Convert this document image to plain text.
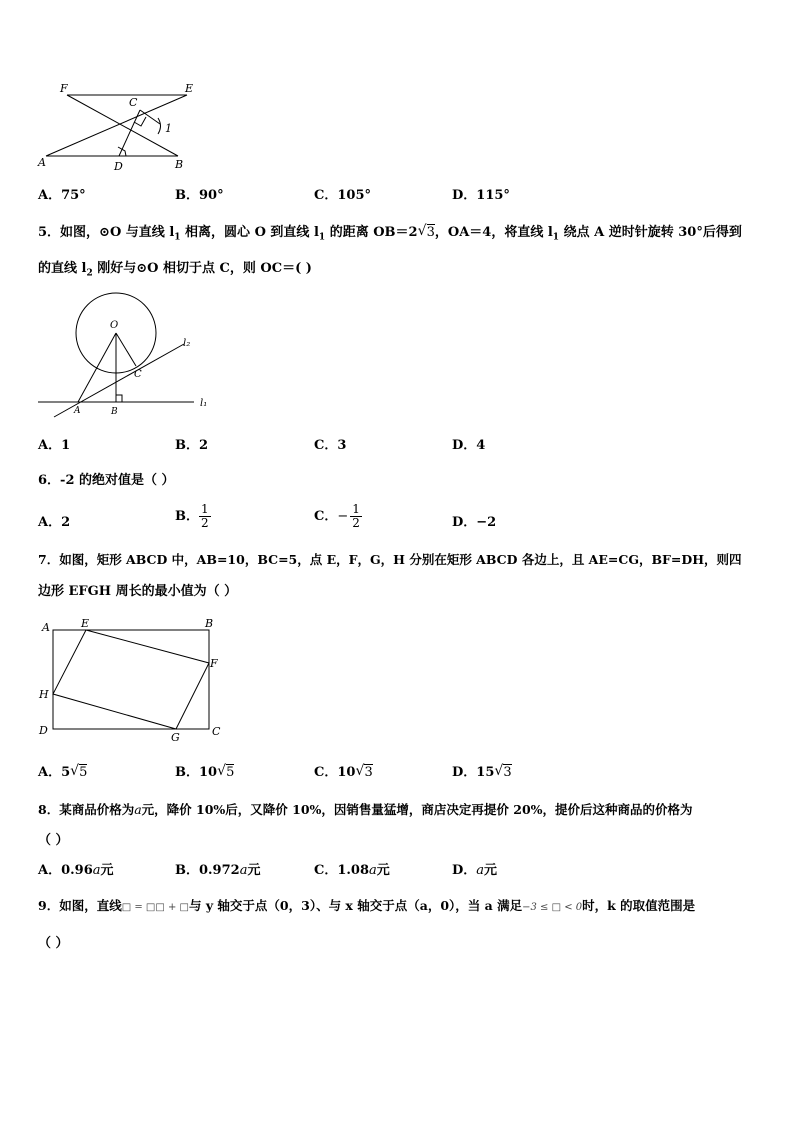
F	E
C
1
A	D	B
A．75°	B．90°	C．105°	D．115°
5．如图，⊙O 与直线 $l_1$ 相离，圆心 O 到直线 $l_1$ 的距离 OB＝2 √ 3，OA＝4，将直线 $l_1$ 绕点 A 逆时针旋转 30°后得到
的直线 $l_2$ 刚好与⊙O 相切于点 C，则 OC＝( )
O
l₂
C
A	B
l₁
A．1	B．2	C．3	D．4
6．-2 的绝对值是（ ）
A．2	B． $\frac{1}{2}$	C． − $\frac{1}{2}$	D．−2
7．如图，矩形 ABCD 中，AB=10，BC=5，点 E，F，G，H 分别在矩形 ABCD 各边上，且 AE=CG，BF=DH，则四
边形 EFGH 周长的最小值为（ ）
A	E	B
F
H
D
G	C
A．5 √ 5	B．10 √ 5	C．10 √ 3	D．15 √ 3
8．某商品价格为a元，降价 10%后，又降价 10%，因销售量猛增，商店决定再提价 20%，提价后这种商品的价格为
（ ）
A．0.96a元	B．0.972a元	C．1.08a元	D．a元
9．如图，直线□ = □□ + □与 y 轴交于点（0，3）、与 x 轴交于点（a，0），当 a 满足−3 ≤ □ < 0时，k 的取值范围是
（ ）
